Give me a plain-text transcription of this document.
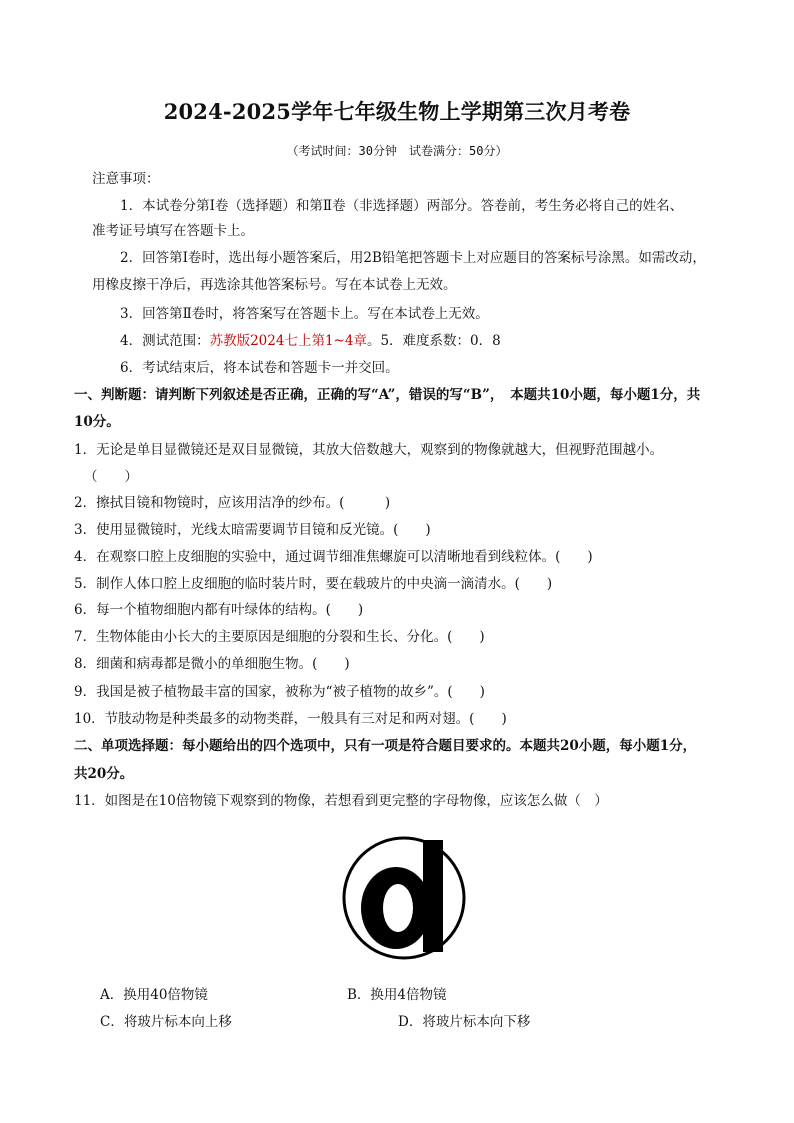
2024-2025学年七年级生物上学期第三次月考卷
（考试时间：30分钟　试卷满分：50分）
注意事项：
1．本试卷分第Ⅰ卷（选择题）和第Ⅱ卷（非选择题）两部分。答卷前，考生务必将自己的姓名、
准考证号填写在答题卡上。
2．回答第Ⅰ卷时，选出每小题答案后，用2B铅笔把答题卡上对应题目的答案标号涂黑。如需改动，
用橡皮擦干净后，再选涂其他答案标号。写在本试卷上无效。
3．回答第Ⅱ卷时，将答案写在答题卡上。写在本试卷上无效。
4．测试范围：苏教版2024七上第1~4章。5．难度系数：0．8
6．考试结束后，将本试卷和答题卡一并交回。
一、判断题：请判断下列叙述是否正确，正确的写“A”，错误的写“B”，　本题共10小题，每小题1分，共
10分。
1．无论是单目显微镜还是双目显微镜，其放大倍数越大，观察到的物像就越大，但视野范围越小。
（　　）
2．擦拭目镜和物镜时，应该用洁净的纱布。(　　　)
3．使用显微镜时，光线太暗需要调节目镜和反光镜。(　　)
4．在观察口腔上皮细胞的实验中，通过调节细准焦螺旋可以清晰地看到线粒体。(　　)
5．制作人体口腔上皮细胞的临时装片时，要在载玻片的中央滴一滴清水。(　　)
6．每一个植物细胞内都有叶绿体的结构。(　　)
7．生物体能由小长大的主要原因是细胞的分裂和生长、分化。(　　)
8．细菌和病毒都是微小的单细胞生物。(　　)
9．我国是被子植物最丰富的国家，被称为“被子植物的故乡”。(　　)
10．节肢动物是种类最多的动物类群，一般具有三对足和两对翅。(　　)
二、单项选择题：每小题给出的四个选项中，只有一项是符合题目要求的。本题共20小题，每小题1分，
共20分。
11．如图是在10倍物镜下观察到的物像，若想看到更完整的字母物像，应该怎么做（　）
A．换用40倍物镜	B．换用4倍物镜
C．将玻片标本向上移	D．将玻片标本向下移
